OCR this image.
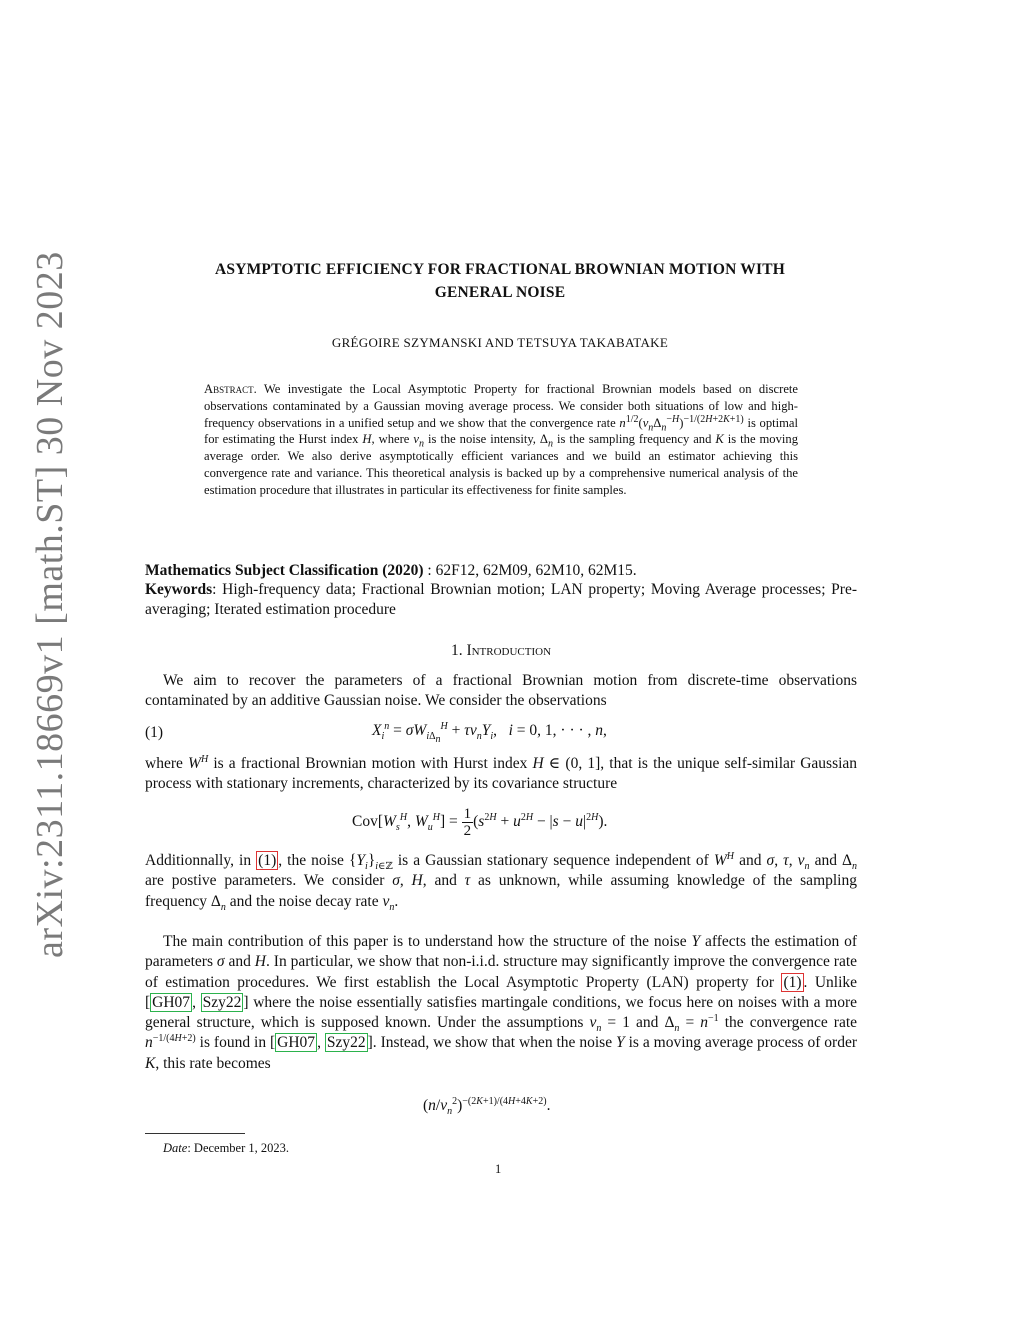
arXiv:2311.18669v1 [math.ST] 30 Nov 2023	ASYMPTOTIC EFFICIENCY FOR FRACTIONAL BROWNIAN MOTION WITH
GENERAL NOISE
GRÉGOIRE SZYMANSKI AND TETSUYA TAKABATAKE
Abstract. We investigate the Local Asymptotic Property for fractional Brownian models based on discrete observations contaminated by a Gaussian moving average process. We consider both situations of low and high-frequency observations in a unified setup and we show that the convergence rate $n^{1/2}(\nu_n\Delta_n^{-H})^{-1/(2H+2K+1)}$ is optimal for estimating the Hurst index H, where $\nu_n$ is the noise intensity, $\Delta_n$ is the sampling frequency and K is the moving average order. We also derive asymptotically efficient variances and we build an estimator achieving this convergence rate and variance. This theoretical analysis is backed up by a comprehensive numerical analysis of the estimation procedure that illustrates in particular its effectiveness for finite samples.
Mathematics Subject Classification (2020) : 62F12, 62M09, 62M10, 62M15.
Keywords: High-frequency data; Fractional Brownian motion; LAN property; Moving Average processes; Pre-averaging; Iterated estimation procedure
1. Introduction
We aim to recover the parameters of a fractional Brownian motion from discrete-time observations contaminated by an additive Gaussian noise. We consider the observations
(1)	$X_i^n = \sigma W_{i\Delta_n}^H + \tau\nu_nY_i$,   i = 0, 1, · · · , n,
where $W^H$ is a fractional Brownian motion with Hurst index H ∈ (0, 1], that is the unique self-similar Gaussian process with stationary increments, characterized by its covariance structure
$Cov[W_s^H$, $W_u^H] = \frac{1}{2} (s^{2H} + u^{2H} - |s - u|^{2H})$.
Additionnally, in (1) , the noise $\{Y_i\}_{i\in ℤ}$ is a Gaussian stationary sequence independent of $W^H$ and σ, τ, $\nu_n$ and $\Delta_n$ are postive parameters. We consider σ, H, and τ as unknown, while assuming knowledge of the sampling frequency $\Delta_n$ and the noise decay rate $\nu_n$.
The main contribution of this paper is to understand how the structure of the noise Y affects the estimation of parameters σ and H. In particular, we show that non-i.i.d. structure may significantly improve the convergence rate of estimation procedures. We first establish the Local Asymptotic Property (LAN) property for (1) . Unlike [ GH07 , Szy22 ] where the noise essentially satisfies martingale conditions, we focus here on noises with a more general structure, which is supposed known. Under the assumptions $\nu_n = 1$ and $\Delta_n = n^{-1}$ the convergence rate $n^{-1/(4H+2)}$ is found in [ GH07 , Szy22 ]. Instead, we show that when the noise Y is a moving average process of order K, this rate becomes
$(n/\nu_n^2)^{-(2K+1)/(4H+4K+2)}$.
Date: December 1, 2023.
1
